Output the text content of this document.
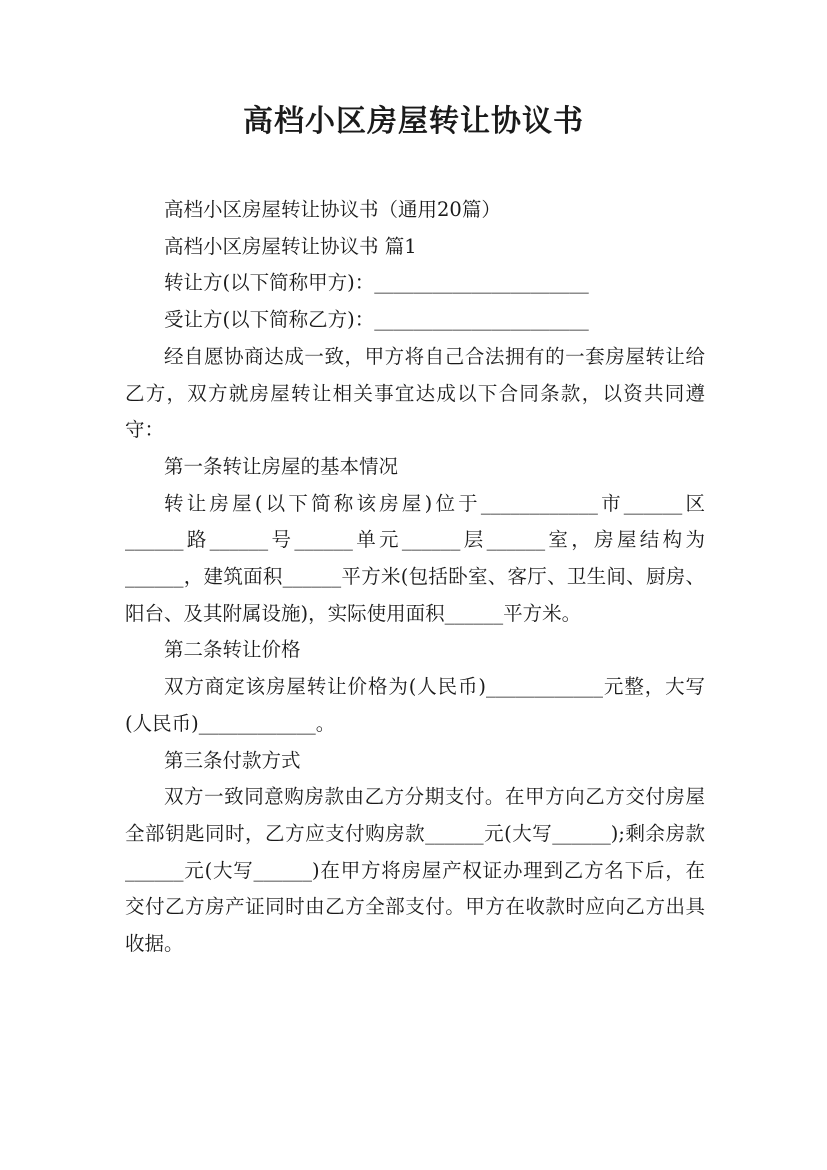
高档小区房屋转让协议书

高档小区房屋转让协议书（通用20篇）

高档小区房屋转让协议书 篇1

转让方(以下简称甲方)：______________________

受让方(以下简称乙方)：______________________

经自愿协商达成一致，甲方将自己合法拥有的一套房屋转让给乙方，双方就房屋转让相关事宜达成以下合同条款，以资共同遵守：

第一条转让房屋的基本情况

转让房屋(以下简称该房屋)位于____________市______区______路______号______单元______层______室，房屋结构为______，建筑面积______平方米(包括卧室、客厅、卫生间、厨房、阳台、及其附属设施)，实际使用面积______平方米。

第二条转让价格

双方商定该房屋转让价格为(人民币)____________元整，大写(人民币)____________。

第三条付款方式

双方一致同意购房款由乙方分期支付。在甲方向乙方交付房屋全部钥匙同时，乙方应支付购房款______元(大写______);剩余房款______元(大写______)在甲方将房屋产权证办理到乙方名下后，在交付乙方房产证同时由乙方全部支付。甲方在收款时应向乙方出具收据。
